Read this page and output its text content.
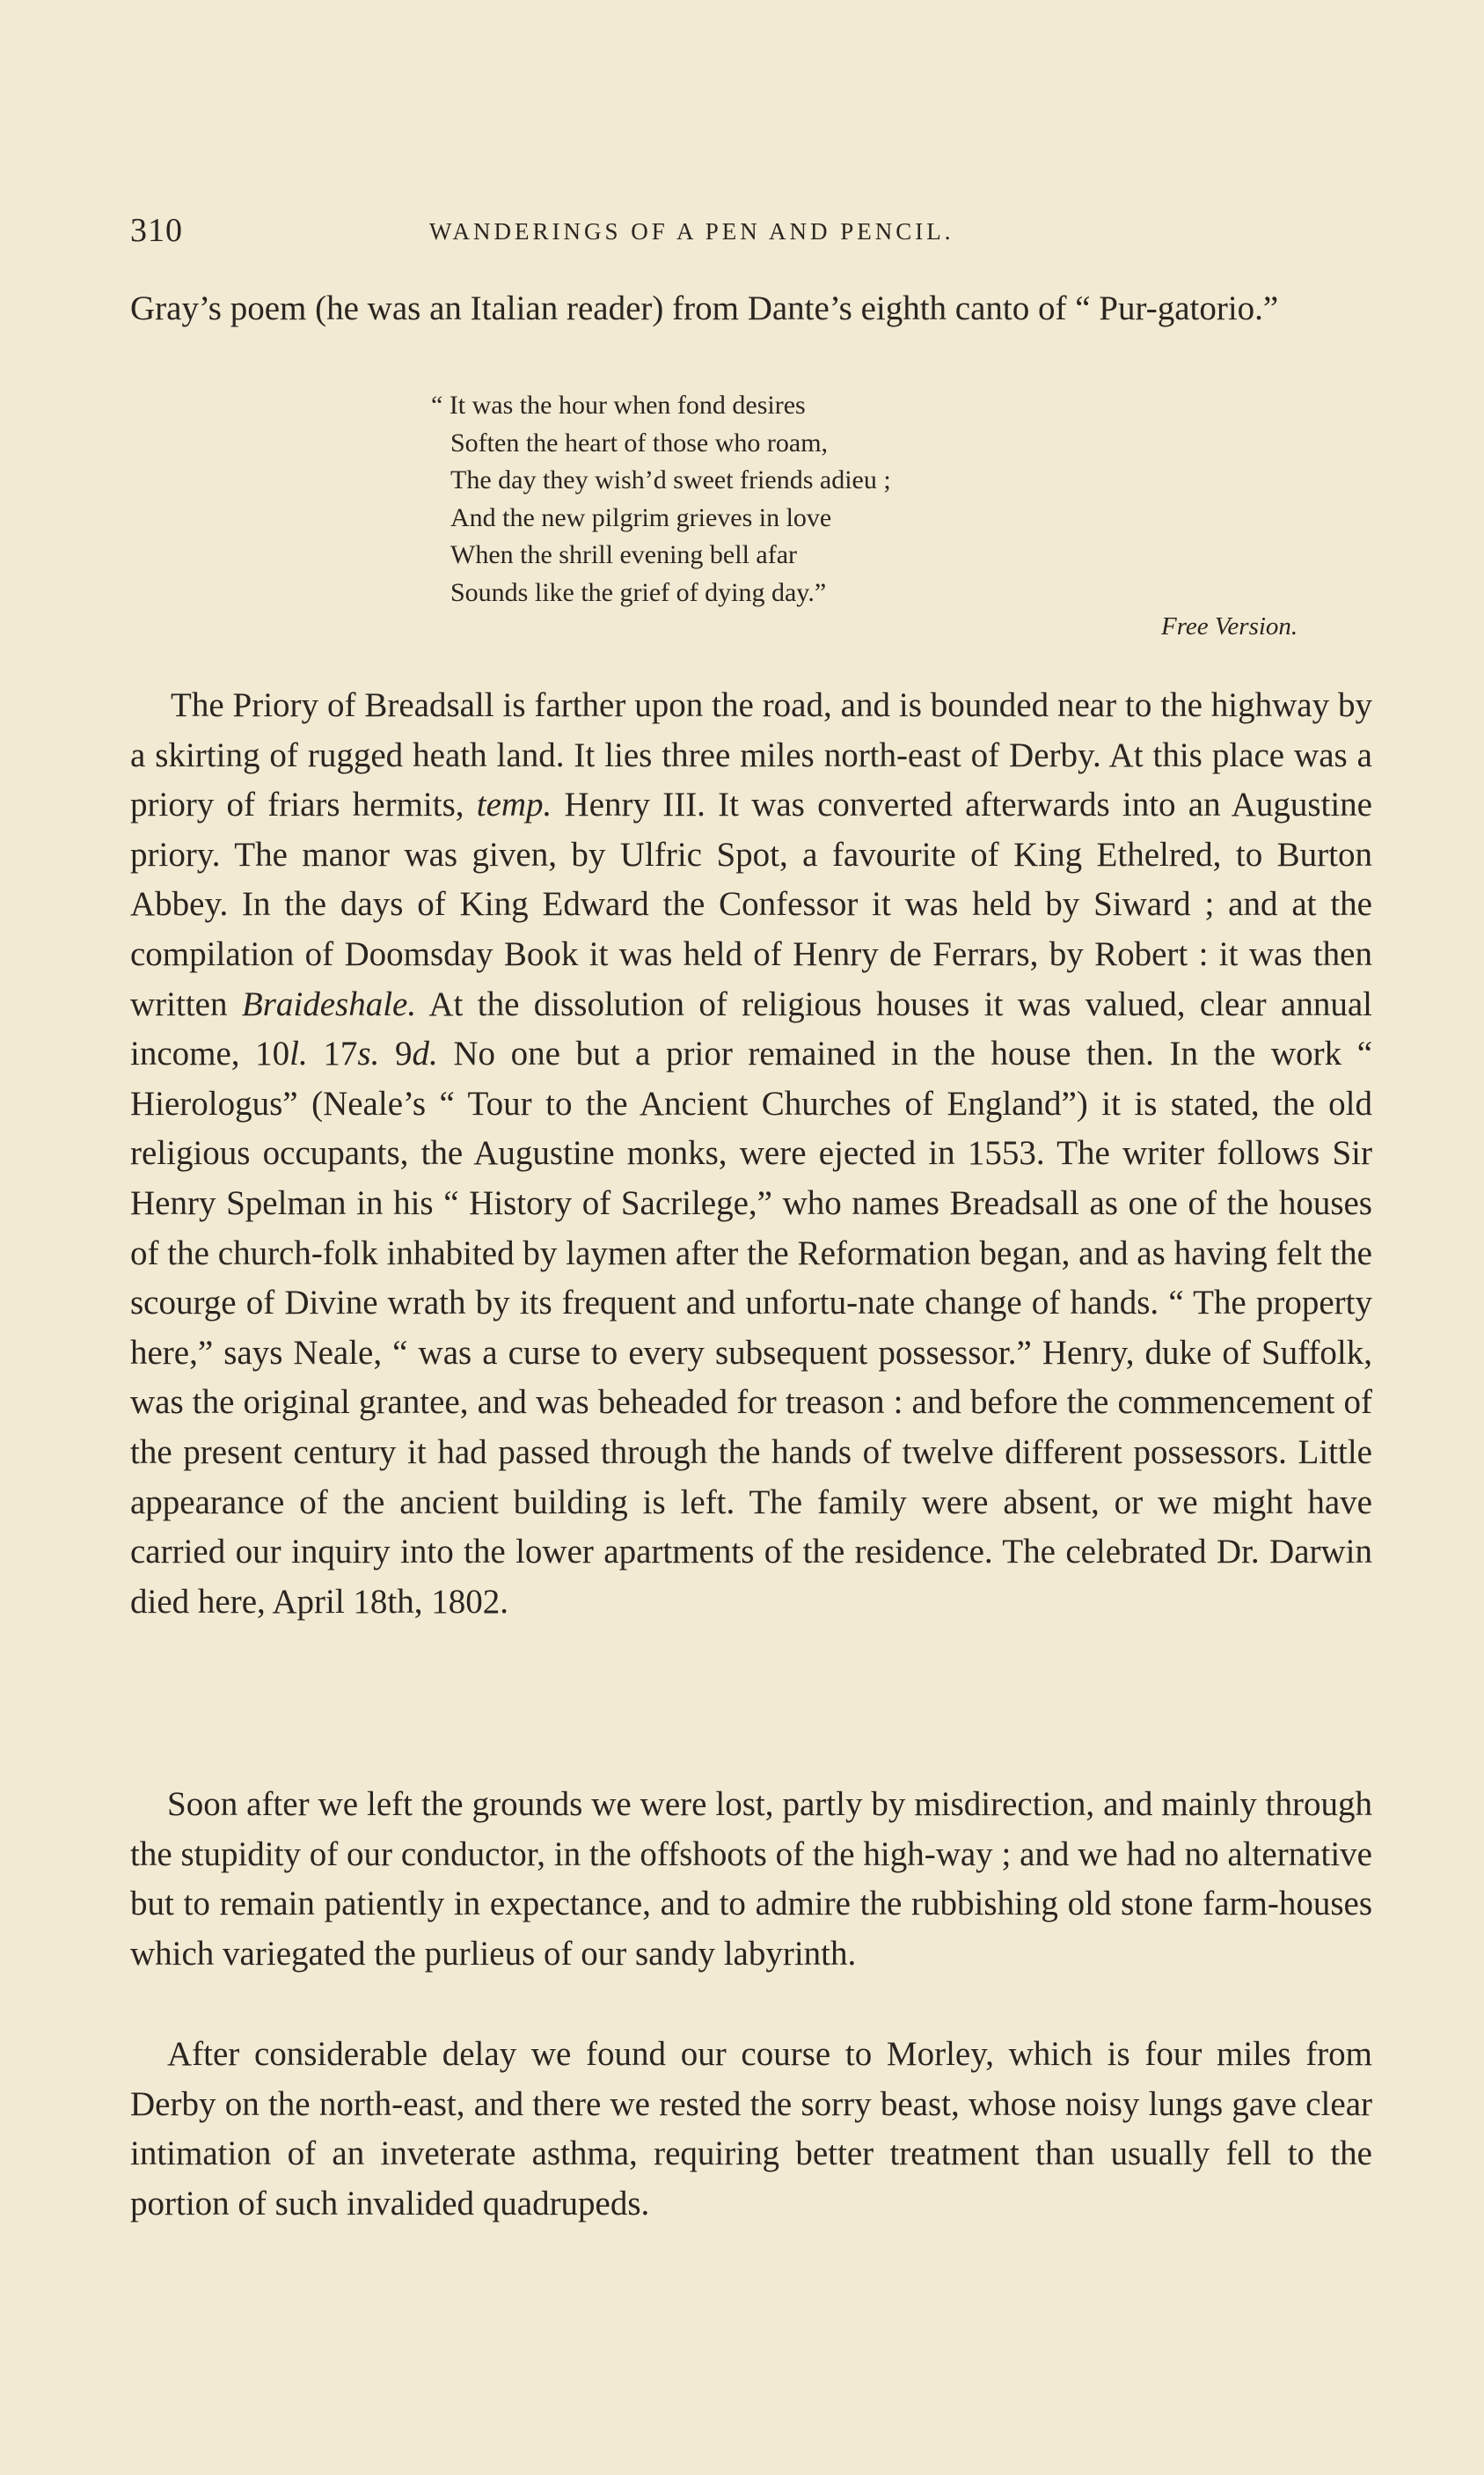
310	WANDERINGS OF A PEN AND PENCIL.

Gray’s poem (he was an Italian reader) from Dante’s eighth canto of “ Pur-gatorio.”

“ It was the hour when fond desires
Soften the heart of those who roam,
The day they wish’d sweet friends adieu ;
And the new pilgrim grieves in love
When the shrill evening bell afar
Sounds like the grief of dying day.”
Free Version.

The Priory of Breadsall is farther upon the road, and is bounded near to the highway by a skirting of rugged heath land. It lies three miles north-east of Derby. At this place was a priory of friars hermits, temp. Henry III. It was converted afterwards into an Augustine priory. The manor was given, by Ulfric Spot, a favourite of King Ethelred, to Burton Abbey. In the days of King Edward the Confessor it was held by Siward ; and at the compilation of Doomsday Book it was held of Henry de Ferrars, by Robert : it was then written Braideshale. At the dissolution of religious houses it was valued, clear annual income, 10l. 17s. 9d. No one but a prior remained in the house then. In the work “ Hierologus” (Neale’s “ Tour to the Ancient Churches of England”) it is stated, the old religious occupants, the Augustine monks, were ejected in 1553. The writer follows Sir Henry Spelman in his “ History of Sacrilege,” who names Breadsall as one of the houses of the church-folk inhabited by laymen after the Reformation began, and as having felt the scourge of Divine wrath by its frequent and unfortu-nate change of hands. “ The property here,” says Neale, “ was a curse to every subsequent possessor.” Henry, duke of Suffolk, was the original grantee, and was beheaded for treason : and before the commencement of the present century it had passed through the hands of twelve different possessors. Little appearance of the ancient building is left. The family were absent, or we might have carried our inquiry into the lower apartments of the residence. The celebrated Dr. Darwin died here, April 18th, 1802.

Soon after we left the grounds we were lost, partly by misdirection, and mainly through the stupidity of our conductor, in the offshoots of the high-way ; and we had no alternative but to remain patiently in expectance, and to admire the rubbishing old stone farm-houses which variegated the purlieus of our sandy labyrinth.

After considerable delay we found our course to Morley, which is four miles from Derby on the north-east, and there we rested the sorry beast, whose noisy lungs gave clear intimation of an inveterate asthma, requiring better treatment than usually fell to the portion of such invalided quadrupeds.
